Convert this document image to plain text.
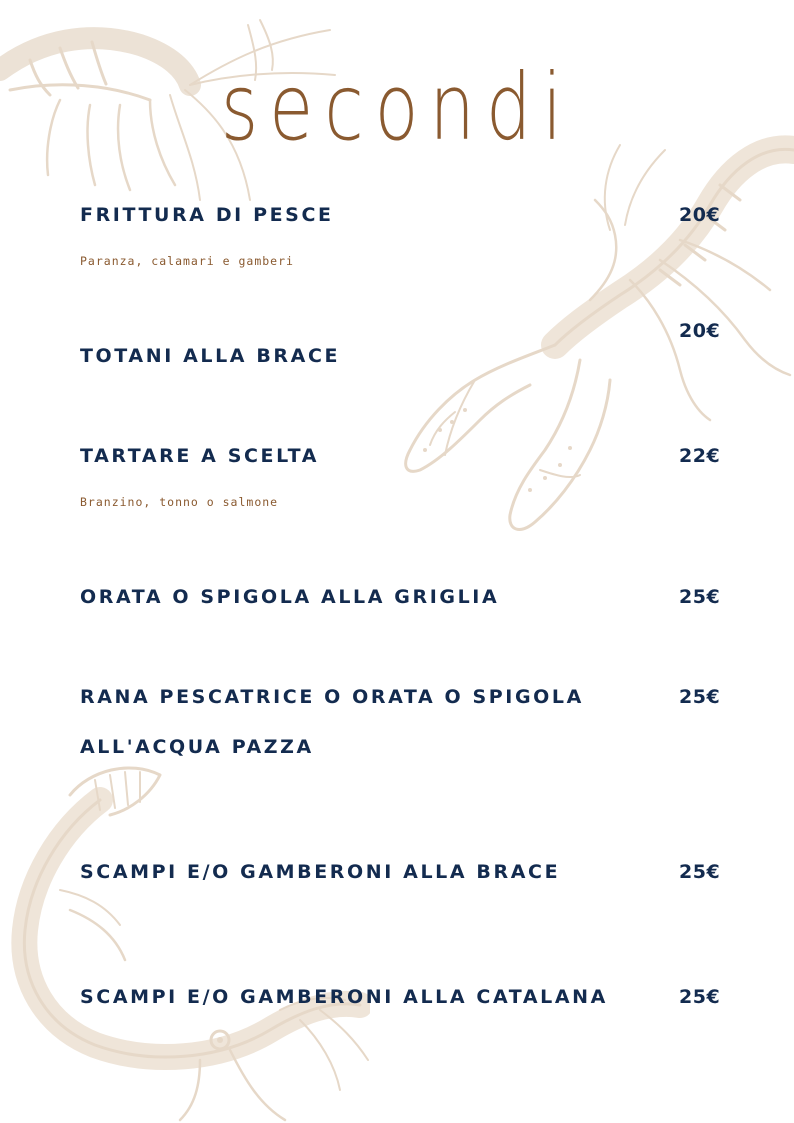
secondi
FRITTURA DI PESCE	20€
Paranza, calamari e gamberi
TOTANI ALLA BRACE
20€
TARTARE A SCELTA	22€
Branzino, tonno o salmone
ORATA O SPIGOLA ALLA GRIGLIA	25€
RANA PESCATRICE O ORATA O SPIGOLA
ALL'ACQUA PAZZA
25€
SCAMPI E/O GAMBERONI ALLA BRACE	25€
SCAMPI E/O GAMBERONI ALLA CATALANA	25€
